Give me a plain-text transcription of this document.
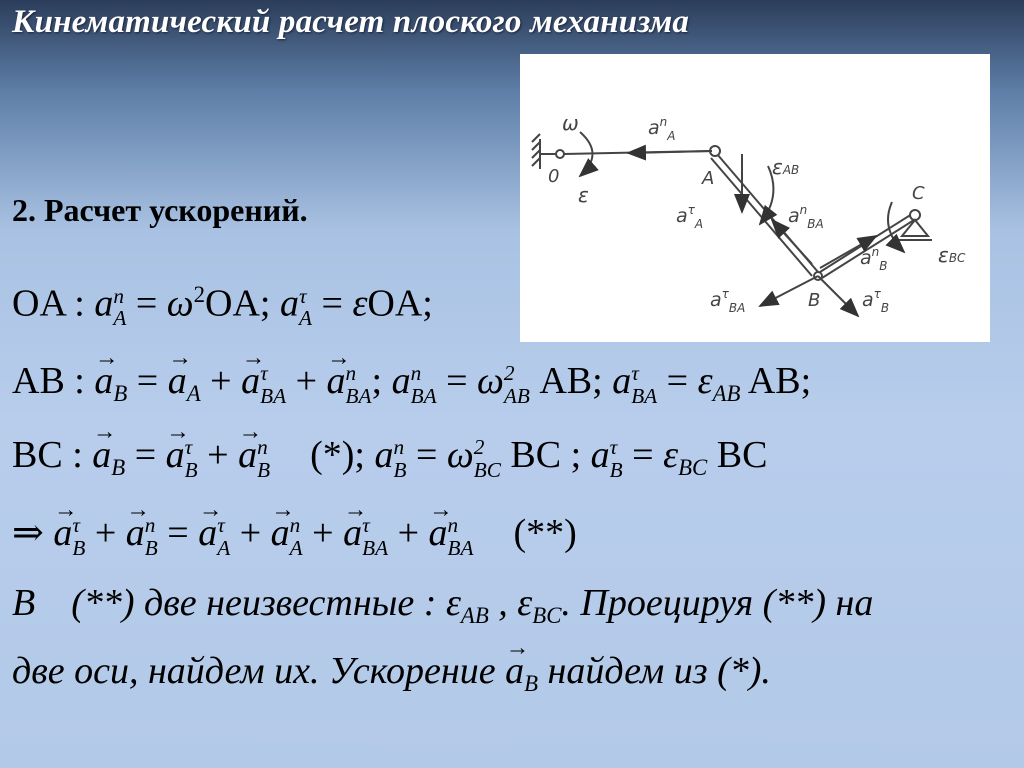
Кинематический расчет плоского механизма
ω
ε
0	A
B
C
$a^n_A$
$a^\tau_A$
εAB
$a^n_{BA}$
$a^n_B$	εBC
$a^\tau_{BA}$	$a^\tau_B$
2. Расчет ускорений.
OA : a n
$A = \omega^2OA$; a τ
A = εOA;
AB : → $a_B$ = → $a_A$ + → a τ
BA + → a n
BA ; a n
BA = ω 2
AB AB; a τ
BA = $\varepsilon_{AB}$ AB;
BC : → $a_B$ = → a τ
B + → a n
B (*); a n
B = ω 2
BC BC ; a τ
$B = \varepsilon_{BC}$ BC
⇒ → a τ
B + → a n
B = → a τ
A + → a n
A + → a τ
BA + → a n
BA (**)
В (**) две неизвестные : $\varepsilon_{AB}$ , $\varepsilon_{BC}$. Проецируя (**) на
две оси, найдем их. Ускорение → $a_B$ найдем из (*).
